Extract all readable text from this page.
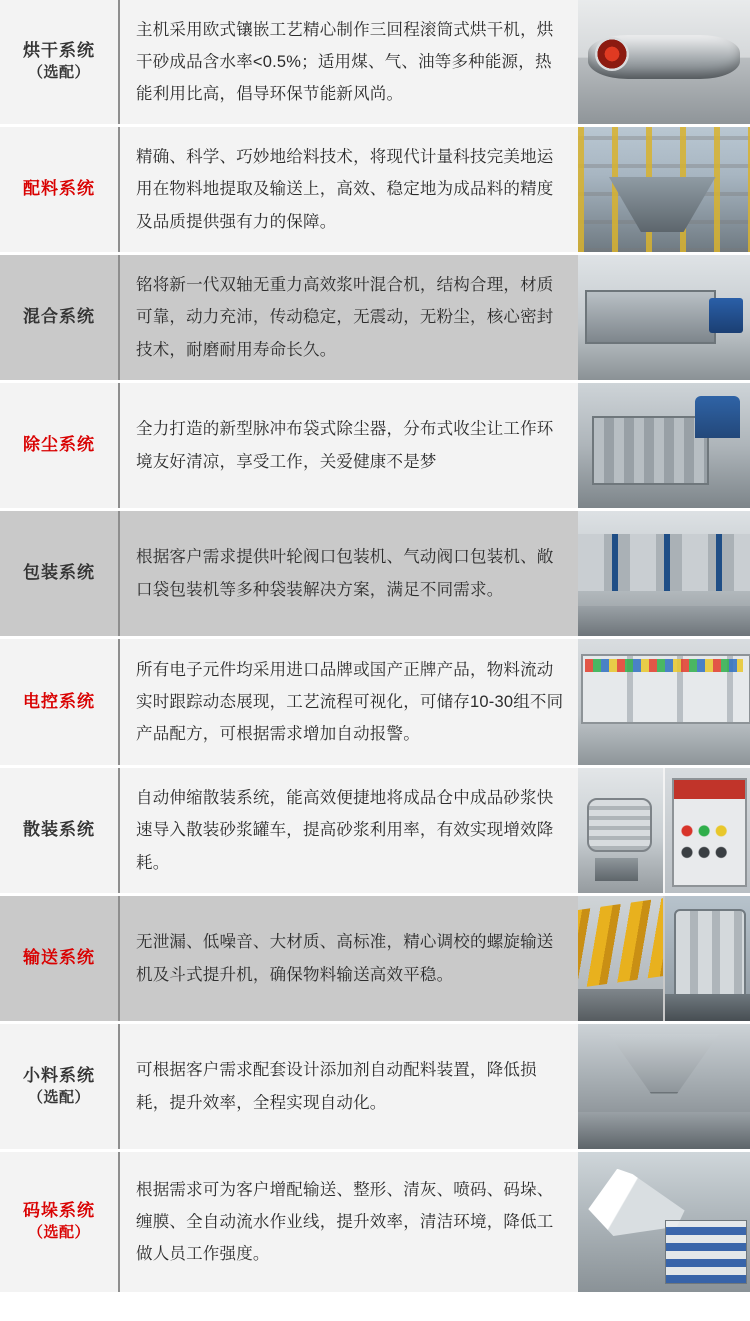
烘干系统
（选配）

主机采用欧式镶嵌工艺精心制作三回程滚筒式烘干机，烘干砂成品含水率<0.5%；适用煤、气、油等多种能源，热能利用比高，倡导环保节能新风尚。

配料系统

精确、科学、巧妙地给料技术，将现代计量科技完美地运用在物料地提取及输送上，高效、稳定地为成品料的精度及品质提供强有力的保障。

混合系统

铭将新一代双轴无重力高效浆叶混合机，结构合理，材质可靠，动力充沛，传动稳定，无震动，无粉尘，核心密封技术，耐磨耐用寿命长久。

除尘系统

全力打造的新型脉冲布袋式除尘器，分布式收尘让工作环境友好清凉，享受工作，关爱健康不是梦

包装系统

根据客户需求提供叶轮阀口包装机、气动阀口包装机、敞口袋包装机等多种袋装解决方案，满足不同需求。

电控系统

所有电子元件均采用进口品牌或国产正牌产品，物料流动实时跟踪动态展现，工艺流程可视化，可储存10-30组不同产品配方，可根据需求增加自动报警。

散装系统

自动伸缩散装系统，能高效便捷地将成品仓中成品砂浆快速导入散装砂浆罐车，提高砂浆利用率，有效实现增效降耗。

输送系统

无泄漏、低噪音、大材质、高标准，精心调校的螺旋输送机及斗式提升机，确保物料输送高效平稳。

小料系统
（选配）

可根据客户需求配套设计添加剂自动配料装置，降低损耗，提升效率，全程实现自动化。

码垛系统
（选配）

根据需求可为客户增配输送、整形、清灰、喷码、码垛、缠膜、全自动流水作业线，提升效率，清洁环境，降低工做人员工作强度。
